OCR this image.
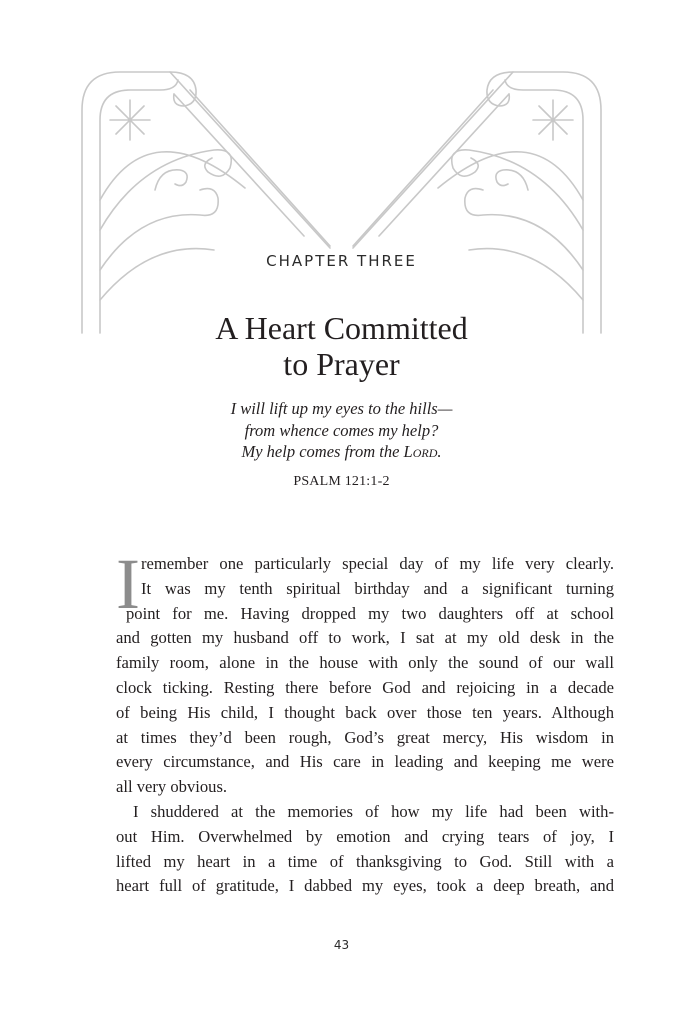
CHAPTER THREE
A Heart Committed
to Prayer
I will lift up my eyes to the hills—
from whence comes my help?
My help comes from the Lord.
PSALM 121:1-2
I remember one particularly special day of my life very clearly.
It was my tenth spiritual birthday and a significant turning
point for me. Having dropped my two daughters off at school
and gotten my husband off to work, I sat at my old desk in the
family room, alone in the house with only the sound of our wall
clock ticking. Resting there before God and rejoicing in a decade
of being His child, I thought back over those ten years. Although
at times they’d been rough, God’s great mercy, His wisdom in
every circumstance, and His care in leading and keeping me were
all very obvious.
I shuddered at the memories of how my life had been with-
out Him. Overwhelmed by emotion and crying tears of joy, I
lifted my heart in a time of thanksgiving to God. Still with a
heart full of gratitude, I dabbed my eyes, took a deep breath, and
43
